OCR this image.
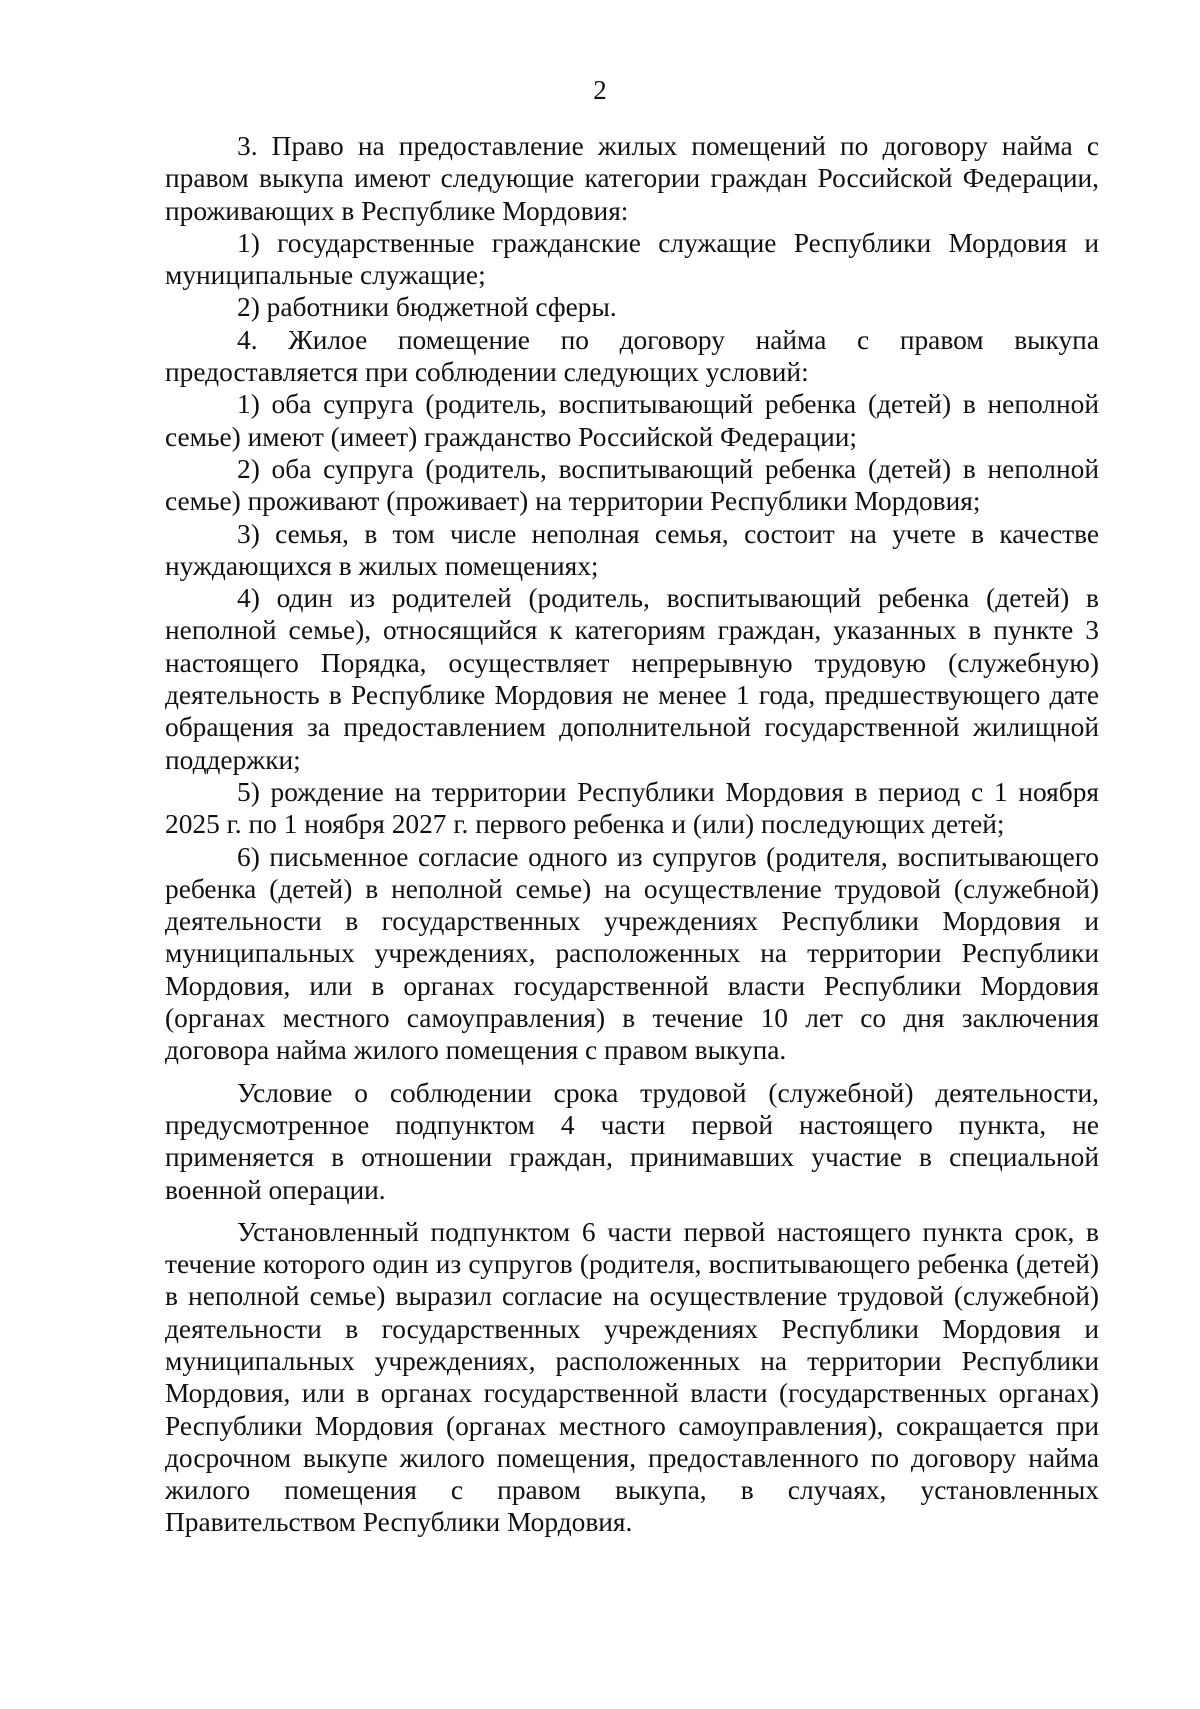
2

3. Право на предоставление жилых помещений по договору найма с правом выкупа имеют следующие категории граждан Российской Федерации, проживающих в Республике Мордовия:

1) государственные гражданские служащие Республики Мордовия и муниципальные служащие;

2) работники бюджетной сферы.

4. Жилое помещение по договору найма с правом выкупа предоставляется при соблюдении следующих условий:

1) оба супруга (родитель, воспитывающий ребенка (детей) в неполной семье) имеют (имеет) гражданство Российской Федерации;

2) оба супруга (родитель, воспитывающий ребенка (детей) в неполной семье) проживают (проживает) на территории Республики Мордовия;

3) семья, в том числе неполная семья, состоит на учете в качестве нуждающихся в жилых помещениях;

4) один из родителей (родитель, воспитывающий ребенка (детей) в неполной семье), относящийся к категориям граждан, указанных в пункте 3 настоящего Порядка, осуществляет непрерывную трудовую (служебную) деятельность в Республике Мордовия не менее 1 года, предшествующего дате обращения за предоставлением дополнительной государственной жилищной поддержки;

5) рождение на территории Республики Мордовия в период с 1 ноября 2025 г. по 1 ноября 2027 г. первого ребенка и (или) последующих детей;

6) письменное согласие одного из супругов (родителя, воспитывающего ребенка (детей) в неполной семье) на осуществление трудовой (служебной) деятельности в государственных учреждениях Республики Мордовия и муниципальных учреждениях, расположенных на территории Республики Мордовия, или в органах государственной власти Республики Мордовия (органах местного самоуправления) в течение 10 лет со дня заключения договора найма жилого помещения с правом выкупа.

Условие о соблюдении срока трудовой (служебной) деятельности, предусмотренное подпунктом 4 части первой настоящего пункта, не применяется в отношении граждан, принимавших участие в специальной военной операции.

Установленный подпунктом 6 части первой настоящего пункта срок, в течение которого один из супругов (родителя, воспитывающего ребенка (детей) в неполной семье) выразил согласие на осуществление трудовой (служебной) деятельности в государственных учреждениях Республики Мордовия и муниципальных учреждениях, расположенных на территории Республики Мордовия, или в органах государственной власти (государственных органах) Республики Мордовия (органах местного самоуправления), сокращается при досрочном выкупе жилого помещения, предоставленного по договору найма жилого помещения с правом выкупа, в случаях, установленных Правительством Республики Мордовия.
